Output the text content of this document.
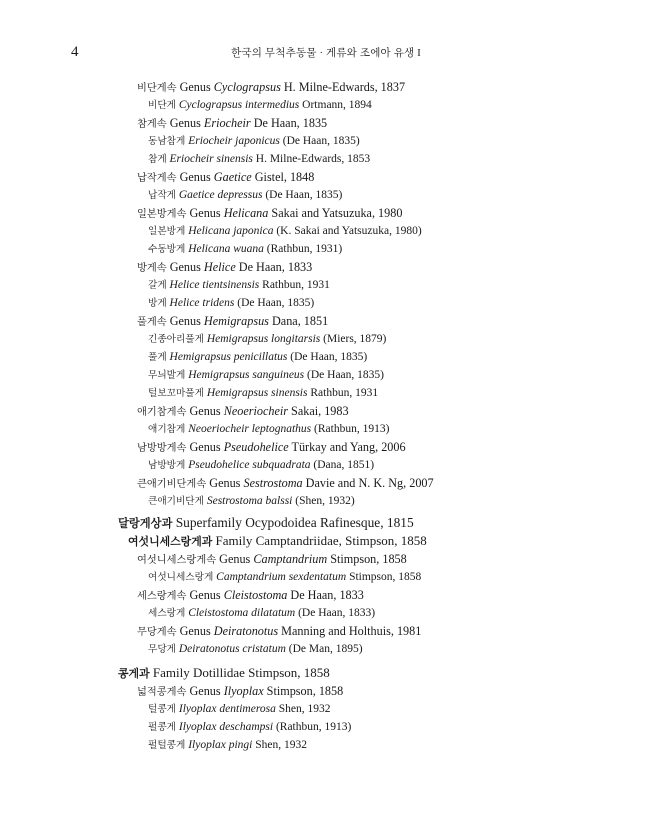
4	한국의 무척추동물 · 게류와 조에아 유생 I
비단게속 Genus Cyclograpsus H. Milne-Edwards, 1837
비단게 Cyclograpsus intermedius Ortmann, 1894
참게속 Genus Eriocheir De Haan, 1835
동남참게 Eriocheir japonicus (De Haan, 1835)
참게 Eriocheir sinensis H. Milne-Edwards, 1853
납작게속 Genus Gaetice Gistel, 1848
납작게 Gaetice depressus (De Haan, 1835)
일본방게속 Genus Helicana Sakai and Yatsuzuka, 1980
일본방게 Helicana japonica (K. Sakai and Yatsuzuka, 1980)
수동방게 Helicana wuana (Rathbun, 1931)
방게속 Genus Helice De Haan, 1833
갈게 Helice tientsinensis Rathbun, 1931
방게 Helice tridens (De Haan, 1835)
풀게속 Genus Hemigrapsus Dana, 1851
긴종아리풀게 Hemigrapsus longitarsis (Miers, 1879)
풀게 Hemigrapsus penicillatus (De Haan, 1835)
무늬발게 Hemigrapsus sanguineus (De Haan, 1835)
털보꼬마풀게 Hemigrapsus sinensis Rathbun, 1931
애기참게속 Genus Neoeriocheir Sakai, 1983
애기참게 Neoeriocheir leptognathus (Rathbun, 1913)
남방방게속 Genus Pseudohelice Türkay and Yang, 2006
남방방게 Pseudohelice subquadrata (Dana, 1851)
큰애기비단게속 Genus Sestrostoma Davie and N. K. Ng, 2007
큰애기비단게 Sestrostoma balssi (Shen, 1932)
달랑게상과 Superfamily Ocypodoidea Rafinesque, 1815
여섯니세스랑게과 Family Camptandriidae, Stimpson, 1858
여섯니세스랑게속 Genus Camptandrium Stimpson, 1858
여섯니세스랑게 Camptandrium sexdentatum Stimpson, 1858
세스랑게속 Genus Cleistostoma De Haan, 1833
세스랑게 Cleistostoma dilatatum (De Haan, 1833)
무당게속 Genus Deiratonotus Manning and Holthuis, 1981
무당게 Deiratonotus cristatum (De Man, 1895)
콩게과 Family Dotillidae Stimpson, 1858
넓적콩게속 Genus Ilyoplax Stimpson, 1858
털콩게 Ilyoplax dentimerosa Shen, 1932
펄콩게 Ilyoplax deschampsi (Rathbun, 1913)
펄털콩게 Ilyoplax pingi Shen, 1932
